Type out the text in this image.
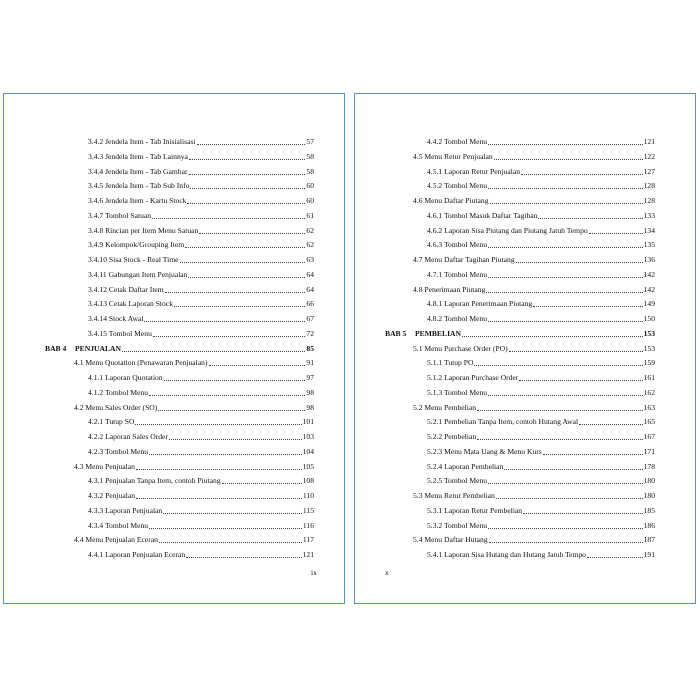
3.4.2 Jendela Item - Tab Inisialisasi	57
3.4.3 Jendela Item - Tab Lainnya	58
3.4.4 Jendela Item - Tab Gambar	58
3.4.5 Jendela Item - Tab Sub Info	60
3.4.6 Jendela Item - Kartu Stock	60
3.4.7 Tombol Satuan	61
3.4.8 Rincian per Item Menu Satuan	62
3.4.9 Kelompok/Grouping Item	62
3.4.10 Sisa Stock - Real Time	63
3.4.11 Gabungan Item Penjualan	64
3.4.12 Cetak Daftar Item	64
3.4.13 Cetak Laporan Stock	66
3.4.14 Stock Awal	67
3.4.15 Tombol Menu	72
BAB 4 PENJUALAN	85
4.1 Menu Quotation (Penawaran Penjualan)	91
4.1.1 Laporan Quotation	97
4.1.2 Tombol Menu	98
4.2 Menu Sales Order (SO)	98
4.2.1 Tutup SO	101
4.2.2 Laporan Sales Order	103
4.2.3 Tombol Menu	104
4.3 Menu Penjualan	105
4.3.1 Penjualan Tanpa Item, contoh Piutang	108
4.3.2 Penjualan	110
4.3.3 Laporan Penjualan	115
4.3.4 Tombol Menu	116
4.4 Menu Penjualan Eceran	117
4.4.1 Laporan Penjualan Eceran	121
ix
4.4.2 Tombol Menu	121
4.5 Menu Retur Penjualan	122
4.5.1 Laporan Retur Penjualan	127
4.5.2 Tombol Menu	128
4.6 Menu Daftar Piutang	128
4.6.1 Tombol Masuk Daftar Tagihan	133
4.6.2 Laporan Sisa Piutang dan Piutang Jatuh Tempo	134
4.6.3 Tombol Menu	135
4.7 Menu Daftar Tagihan Piutang	136
4.7.1 Tombol Menu	142
4.8 Penerimaan Piutang	142
4.8.1 Laporan Penerimaan Piutang	149
4.8.2 Tombol Menu	150
BAB 5 PEMBELIAN	153
5.1 Menu Purchase Order (PO)	153
5.1.1 Tutup PO	159
5.1.2 Laporan Purchase Order	161
5.1.3 Tombol Menu	162
5.2 Menu Pembelian	163
5.2.1 Pembelian Tanpa Item, contoh Hutang Awal	165
5.2.2 Pembelian	167
5.2.3 Menu Mata Uang & Menu Kurs	171
5.2.4 Laporan Pembelian	178
5.2.5 Tombol Menu	180
5.3 Menu Retur Pembelian	180
5.3.1 Laporan Retur Pembelian	185
5.3.2 Tombol Menu	186
5.4 Menu Daftar Hutang	187
5.4.1 Laporan Sisa Hutang dan Hutang Jatuh Tempo	191
x
